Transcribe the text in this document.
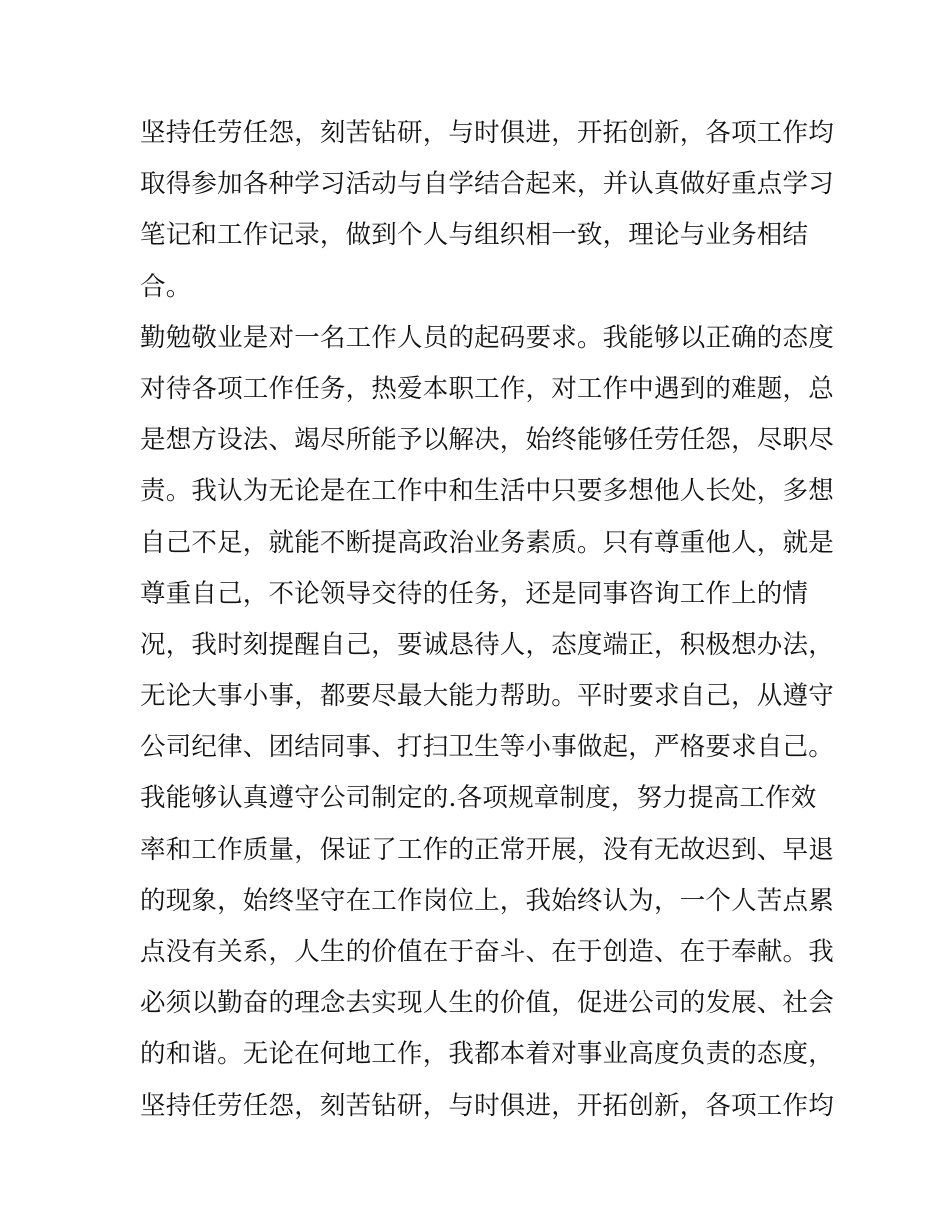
坚持任劳任怨，刻苦钻研，与时俱进，开拓创新，各项工作均
取得参加各种学习活动与自学结合起来，并认真做好重点学习
笔记和工作记录，做到个人与组织相一致，理论与业务相结
合。
勤勉敬业是对一名工作人员的起码要求。我能够以正确的态度
对待各项工作任务，热爱本职工作，对工作中遇到的难题，总
是想方设法、竭尽所能予以解决，始终能够任劳任怨，尽职尽
责。我认为无论是在工作中和生活中只要多想他人长处，多想
自己不足，就能不断提高政治业务素质。只有尊重他人，就是
尊重自己，不论领导交待的任务，还是同事咨询工作上的情
况，我时刻提醒自己，要诚恳待人，态度端正，积极想办法，
无论大事小事，都要尽最大能力帮助。平时要求自己，从遵守
公司纪律、团结同事、打扫卫生等小事做起，严格要求自己。
我能够认真遵守公司制定的.各项规章制度，努力提高工作效
率和工作质量，保证了工作的正常开展，没有无故迟到、早退
的现象，始终坚守在工作岗位上，我始终认为，一个人苦点累
点没有关系，人生的价值在于奋斗、在于创造、在于奉献。我
必须以勤奋的理念去实现人生的价值，促进公司的发展、社会
的和谐。无论在何地工作，我都本着对事业高度负责的态度，
坚持任劳任怨，刻苦钻研，与时俱进，开拓创新，各项工作均
